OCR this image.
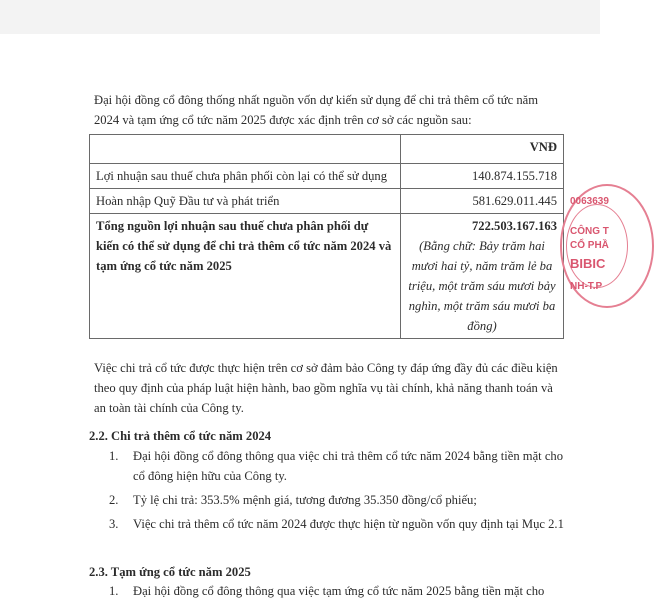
Đại hội đồng cổ đông thống nhất nguồn vốn dự kiến sử dụng để chi trả thêm cổ tức năm 2024 và tạm ứng cổ tức năm 2025 được xác định trên cơ sở các nguồn sau:

	VNĐ
Lợi nhuận sau thuế chưa phân phối còn lại có thể sử dụng	140.874.155.718
Hoàn nhập Quỹ Đầu tư và phát triển	581.629.011.445
Tổng nguồn lợi nhuận sau thuế chưa phân phối dự kiến có thể sử dụng để chi trả thêm cổ tức năm 2024 và tạm ứng cổ tức năm 2025	722.503.167.163
(Bằng chữ: Bảy trăm hai mươi hai tỷ, năm trăm lẻ ba triệu, một trăm sáu mươi bảy nghìn, một trăm sáu mươi ba đồng)

Việc chi trả cổ tức được thực hiện trên cơ sở đảm bảo Công ty đáp ứng đầy đủ các điều kiện theo quy định của pháp luật hiện hành, bao gồm nghĩa vụ tài chính, khả năng thanh toán và an toàn tài chính của Công ty.

2.2. Chi trả thêm cổ tức năm 2024

1.	Đại hội đồng cổ đông thông qua việc chi trả thêm cổ tức năm 2024 bằng tiền mặt cho cổ đông hiện hữu của Công ty.
2.	Tỷ lệ chi trả: 353.5% mệnh giá, tương đương 35.350 đồng/cổ phiếu;
3.	Việc chi trả thêm cổ tức năm 2024 được thực hiện từ nguồn vốn quy định tại Mục 2.1

2.3. Tạm ứng cổ tức năm 2025

1.	Đại hội đồng cổ đông thông qua việc tạm ứng cổ tức năm 2025 bằng tiền mặt cho
0063639
CÔNG T
CỔ PHẦ
BIBIC
NH-T.P
